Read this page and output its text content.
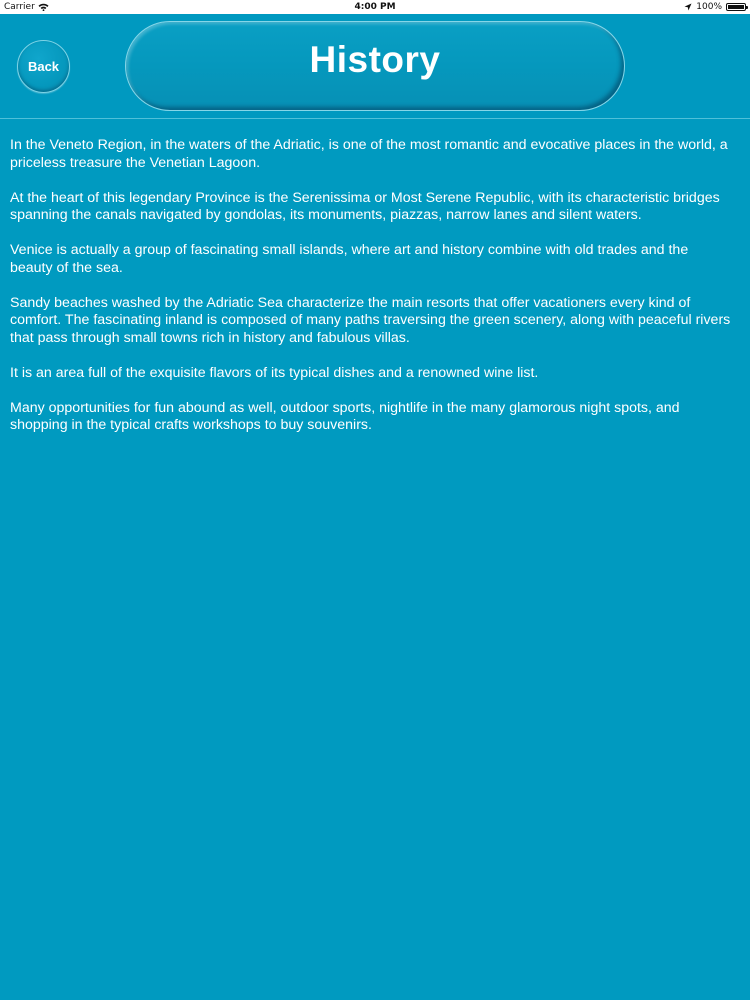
Carrier	4:00 PM	100%
Back	History

In the Veneto Region, in the waters of the Adriatic, is one of the most romantic and evocative places in the world, a priceless treasure the Venetian Lagoon.

At the heart of this legendary Province is the Serenissima or Most Serene Republic, with its characteristic bridges spanning the canals navigated by gondolas, its monuments, piazzas, narrow lanes and silent waters.

Venice is actually a group of fascinating small islands, where art and history combine with old trades and the beauty of the sea.

Sandy beaches washed by the Adriatic Sea characterize the main resorts that offer vacationers every kind of comfort. The fascinating inland is composed of many paths traversing the green scenery, along with peaceful rivers that pass through small towns rich in history and fabulous villas.

It is an area full of the exquisite flavors of its typical dishes and a renowned wine list.

Many opportunities for fun abound as well, outdoor sports, nightlife in the many glamorous night spots, and shopping in the typical crafts workshops to buy souvenirs.
